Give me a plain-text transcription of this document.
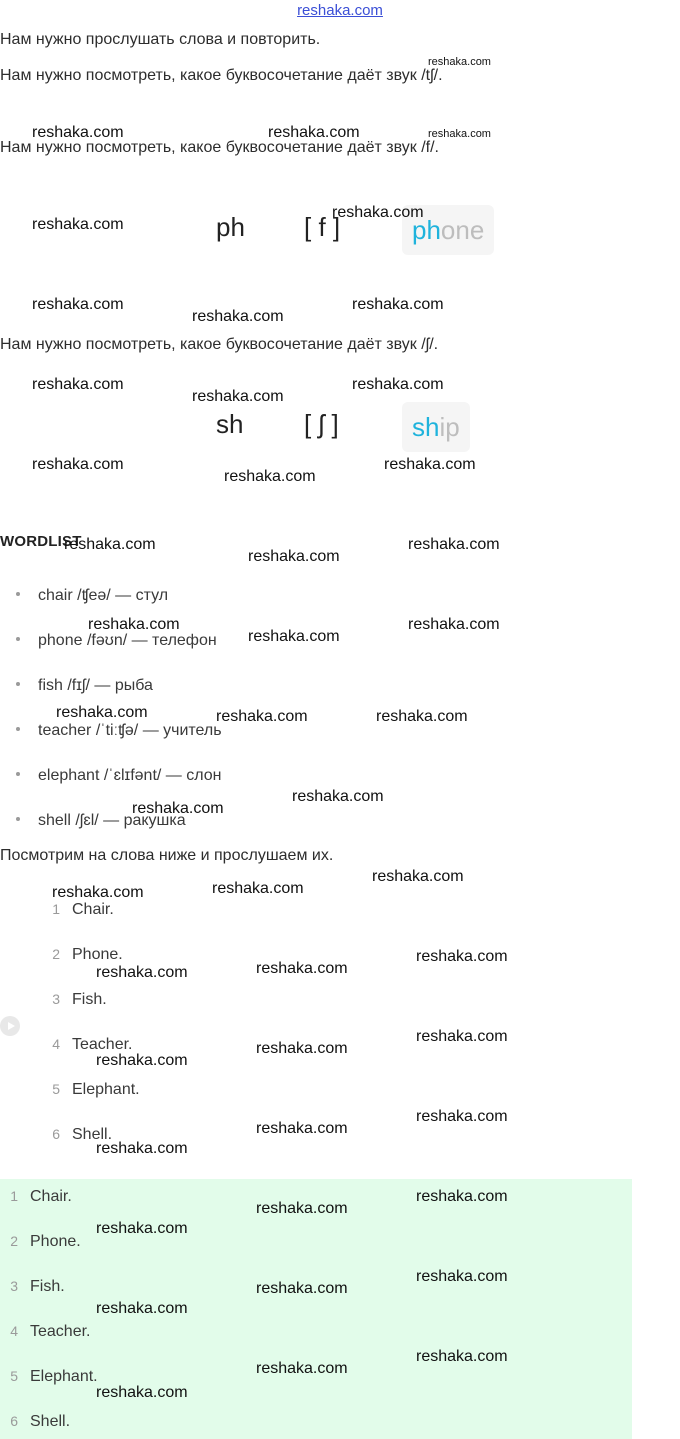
reshaka.com
Нам нужно прослушать слова и повторить.
Нам нужно посмотреть, какое буквосочетание даёт звук /tʃ/.
Нам нужно посмотреть, какое буквосочетание даёт звук /f/.
ph [ f ]	phone
Нам нужно посмотреть, какое буквосочетание даёт звук /ʃ/.
sh [ ʃ ]	ship
WORDLIST
chair /ʧeə/ — стул
phone /fəʊn/ — телефон
fish /fɪʃ/ — рыба
teacher /ˈtiːʧə/ — учитель
elephant /ˈɛlɪfənt/ — слон
shell /ʃɛl/ — ракушка
Посмотрим на слова ниже и прослушаем их.
1 Chair.
2 Phone.
3 Fish.
4 Teacher.
5 Elephant.
6 Shell.
1 Chair.
2 Phone.
3 Fish.
4 Teacher.
5 Elephant.
6 Shell.
reshaka.com
reshaka.com	reshaka.com	reshaka.com
reshaka.com
reshaka.com
reshaka.com	reshaka.com
reshaka.com
reshaka.com	reshaka.com
reshaka.com
reshaka.com	reshaka.com
reshaka.com
reshaka.com	reshaka.com
reshaka.com
reshaka.com	reshaka.com
reshaka.com
reshaka.com	reshaka.com	reshaka.com
reshaka.com
reshaka.com
reshaka.com
reshaka.com
reshaka.com
reshaka.com
reshaka.com
reshaka.com
reshaka.com
reshaka.com
reshaka.com
reshaka.com
reshaka.com
reshaka.com
reshaka.com
reshaka.com
reshaka.com
reshaka.com
reshaka.com
reshaka.com
reshaka.com
reshaka.com
reshaka.com
